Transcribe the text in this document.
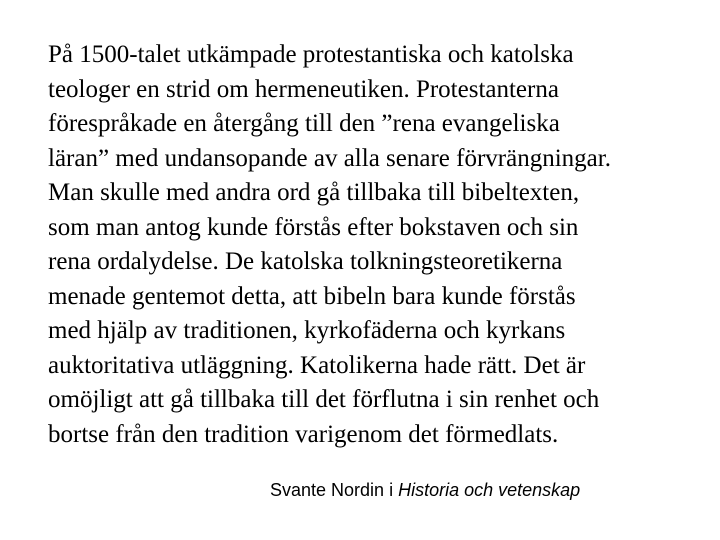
På 1500-talet utkämpade protestantiska och katolska
teologer en strid om hermeneutiken. Protestanterna
förespråkade en återgång till den ”rena evangeliska
läran” med undansopande av alla senare förvrängningar.
Man skulle med andra ord gå tillbaka till bibeltexten,
som man antog kunde förstås efter bokstaven och sin
rena ordalydelse. De katolska tolkningsteoretikerna
menade gentemot detta, att bibeln bara kunde förstås
med hjälp av traditionen, kyrkofäderna och kyrkans
auktoritativa utläggning. Katolikerna hade rätt. Det är
omöjligt att gå tillbaka till det förflutna i sin renhet och
bortse från den tradition varigenom det förmedlats.

Svante Nordin i Historia och vetenskap
